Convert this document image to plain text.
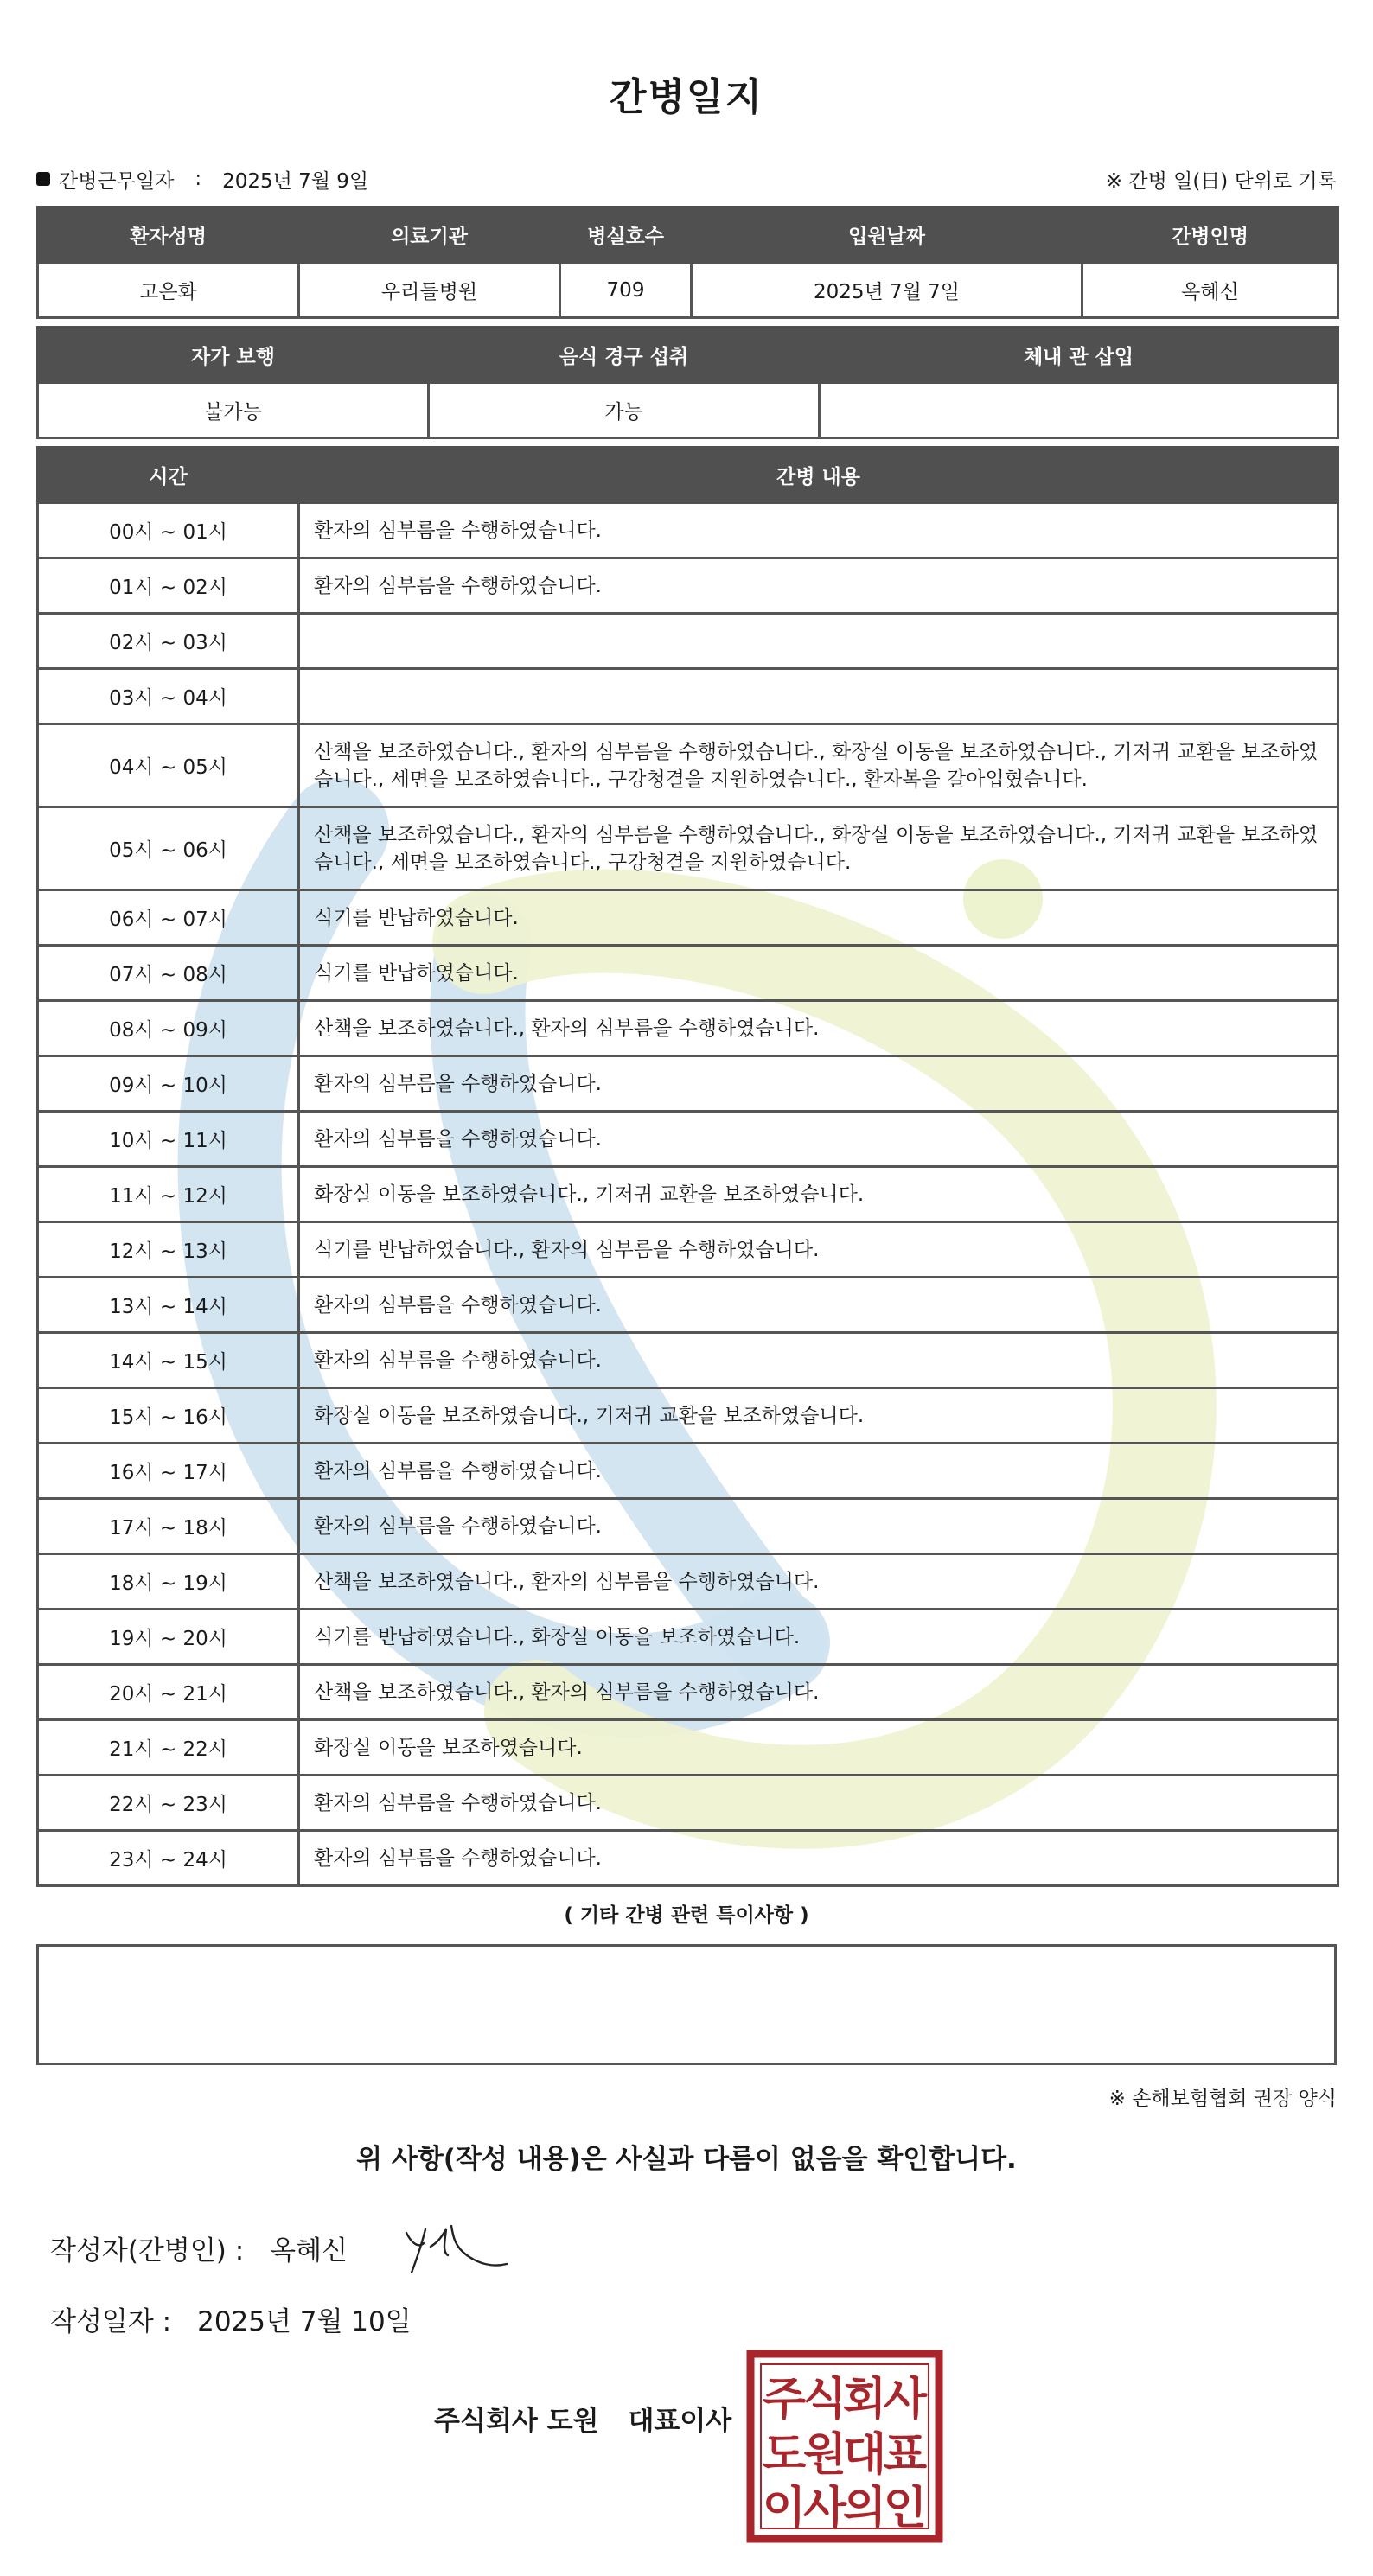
간병일지
간병근무일자 : 2025년 7월 9일	※ 간병 일(日) 단위로 기록
환자성명	의료기관	병실호수	입원날짜	간병인명
고은화	우리들병원	709	2025년 7월 7일	옥혜신
자가 보행	음식 경구 섭취	체내 관 삽입
불가능	가능	
시간	간병 내용
00시 ~ 01시	환자의 심부름을 수행하였습니다.
01시 ~ 02시	환자의 심부름을 수행하였습니다.
02시 ~ 03시	
03시 ~ 04시	
04시 ~ 05시	산책을 보조하였습니다., 환자의 심부름을 수행하였습니다., 화장실 이동을 보조하였습니다., 기저귀 교환을 보조하였습니다., 세면을 보조하였습니다., 구강청결을 지원하였습니다., 환자복을 갈아입혔습니다.
05시 ~ 06시	산책을 보조하였습니다., 환자의 심부름을 수행하였습니다., 화장실 이동을 보조하였습니다., 기저귀 교환을 보조하였습니다., 세면을 보조하였습니다., 구강청결을 지원하였습니다.
06시 ~ 07시	식기를 반납하였습니다.
07시 ~ 08시	식기를 반납하였습니다.
08시 ~ 09시	산책을 보조하였습니다., 환자의 심부름을 수행하였습니다.
09시 ~ 10시	환자의 심부름을 수행하였습니다.
10시 ~ 11시	환자의 심부름을 수행하였습니다.
11시 ~ 12시	화장실 이동을 보조하였습니다., 기저귀 교환을 보조하였습니다.
12시 ~ 13시	식기를 반납하였습니다., 환자의 심부름을 수행하였습니다.
13시 ~ 14시	환자의 심부름을 수행하였습니다.
14시 ~ 15시	환자의 심부름을 수행하였습니다.
15시 ~ 16시	화장실 이동을 보조하였습니다., 기저귀 교환을 보조하였습니다.
16시 ~ 17시	환자의 심부름을 수행하였습니다.
17시 ~ 18시	환자의 심부름을 수행하였습니다.
18시 ~ 19시	산책을 보조하였습니다., 환자의 심부름을 수행하였습니다.
19시 ~ 20시	식기를 반납하였습니다., 화장실 이동을 보조하였습니다.
20시 ~ 21시	산책을 보조하였습니다., 환자의 심부름을 수행하였습니다.
21시 ~ 22시	화장실 이동을 보조하였습니다.
22시 ~ 23시	환자의 심부름을 수행하였습니다.
23시 ~ 24시	환자의 심부름을 수행하였습니다.
( 기타 간병 관련 특이사항 )
※ 손해보험협회 권장 양식
위 사항(작성 내용)은 사실과 다름이 없음을 확인합니다.
작성자(간병인) : 옥혜신
작성일자 : 2025년 7월 10일
주식회사 도원 대표이사 주
식
회
사
도
원
대
표
이
사
의
인
